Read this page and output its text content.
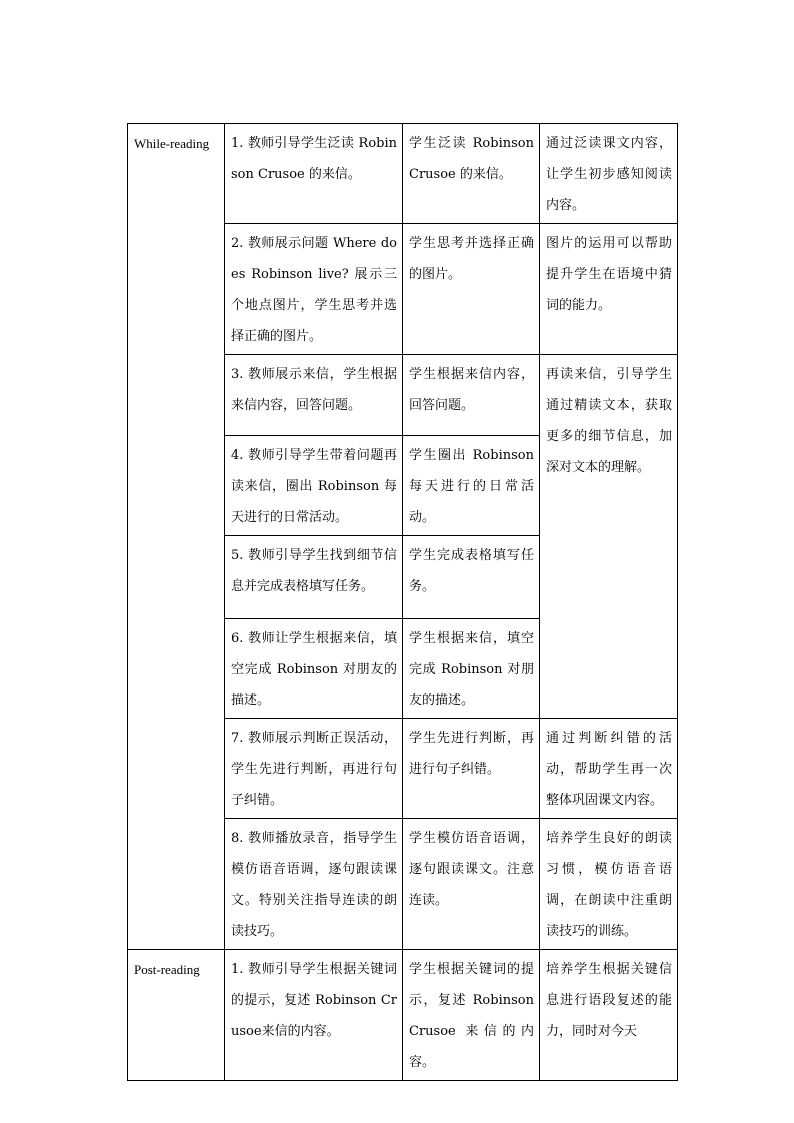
While-reading	1. 教师引导学生泛读 Robinson Crusoe 的来信。	学生泛读 Robinson Crusoe 的来信。	通过泛读课文内容，让学生初步感知阅读内容。
	2. 教师展示问题 Where does Robinson live? 展示三个地点图片，学生思考并选择正确的图片。	学生思考并选择正确的图片。	图片的运用可以帮助提升学生在语境中猜词的能力。
	3. 教师展示来信，学生根据来信内容，回答问题。	学生根据来信内容，回答问题。	再读来信，引导学生通过精读文本，获取更多的细节信息，加深对文本的理解。
	4. 教师引导学生带着问题再读来信，圈出 Robinson 每天进行的日常活动。	学生圈出 Robinson 每天进行的日常活动。	
	5. 教师引导学生找到细节信息并完成表格填写任务。	学生完成表格填写任务。	
	6. 教师让学生根据来信，填空完成 Robinson 对朋友的描述。	学生根据来信，填空完成 Robinson 对朋友的描述。	
	7. 教师展示判断正误活动，学生先进行判断，再进行句子纠错。	学生先进行判断，再进行句子纠错。	通过判断纠错的活动，帮助学生再一次整体巩固课文内容。
	8. 教师播放录音，指导学生模仿语音语调，逐句跟读课文。特别关注指导连读的朗读技巧。	学生模仿语音语调，逐句跟读课文。注意连读。	培养学生良好的朗读习惯，模仿语音语调，在朗读中注重朗读技巧的训练。
Post-reading	1. 教师引导学生根据关键词的提示，复述 Robinson Crusoe来信的内容。	学生根据关键词的提示，复述 Robinson Crusoe 来信的内容。	培养学生根据关键信息进行语段复述的能力，同时对今天
